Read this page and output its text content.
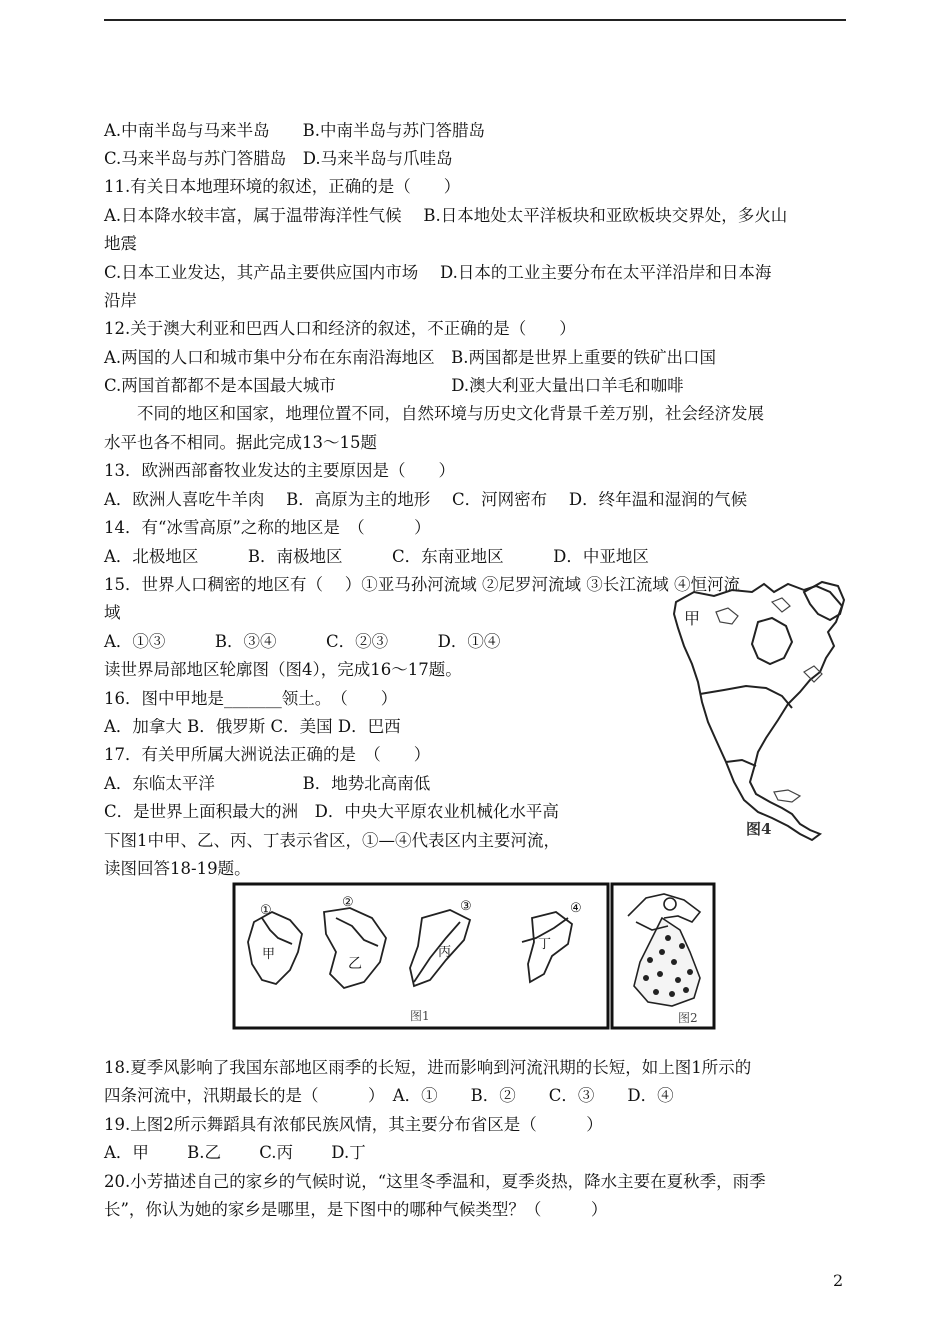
A.中南半岛与马来半岛　　B.中南半岛与苏门答腊岛
C.马来半岛与苏门答腊岛　D.马来半岛与爪哇岛
11.有关日本地理环境的叙述，正确的是（　　）
A.日本降水较丰富，属于温带海洋性气候　 B.日本地处太平洋板块和亚欧板块交界处，多火山
地震
C.日本工业发达，其产品主要供应国内市场　 D.日本的工业主要分布在太平洋沿岸和日本海
沿岸
12.关于澳大利亚和巴西人口和经济的叙述，不正确的是（　　）
A.两国的人口和城市集中分布在东南沿海地区　B.两国都是世界上重要的铁矿出口国
C.两国首都都不是本国最大城市　　　　　　　D.澳大利亚大量出口羊毛和咖啡
　　不同的地区和国家，地理位置不同，自然环境与历史文化背景千差万别，社会经济发展
水平也各不相同。据此完成13～15题
13．欧洲西部畜牧业发达的主要原因是（　　）
A．欧洲人喜吃牛羊肉　 B．高原为主的地形　 C．河网密布　 D．终年温和湿润的气候
14．有“冰雪高原”之称的地区是　（　　　）
A．北极地区　　　B．南极地区　　　C．东南亚地区　　　D．中亚地区
15．世界人口稠密的地区有（　 ）①亚马孙河流域 ②尼罗河流域 ③长江流域 ④恒河流
域
A．①③　　　B．③④　　　C．②③　　　D．①④
读世界局部地区轮廓图（图4），完成16～17题。
16．图中甲地是_______领土。　（　　）
A．加拿大 B．俄罗斯 C．美国 D．巴西
17．有关甲所属大洲说法正确的是　（　　）
A．东临太平洋　　　　　 B．地势北高南低
C．是世界上面积最大的洲　D．中央大平原农业机械化水平高
下图1中甲、乙、丙、丁表示省区，①—④代表区内主要河流，
读图回答18-19题。
18.夏季风影响了我国东部地区雨季的长短，进而影响到河流汛期的长短，如上图1所示的
四条河流中，汛期最长的是（　　　）　A．①　　B．②　　C．③　　D．④
19.上图2所示舞蹈具有浓郁民族风情，其主要分布省区是（　　　）
A．甲　　 B.乙　　 C.丙　　 D.丁
20.小芳描述自己的家乡的气候时说，“这里冬季温和，夏季炎热，降水主要在夏秋季，雨季
长”，你认为她的家乡是哪里，是下图中的哪种气候类型？（　　　）
甲
图4
①
②	③	④
甲
乙
丙
丁
图1	图2
2
